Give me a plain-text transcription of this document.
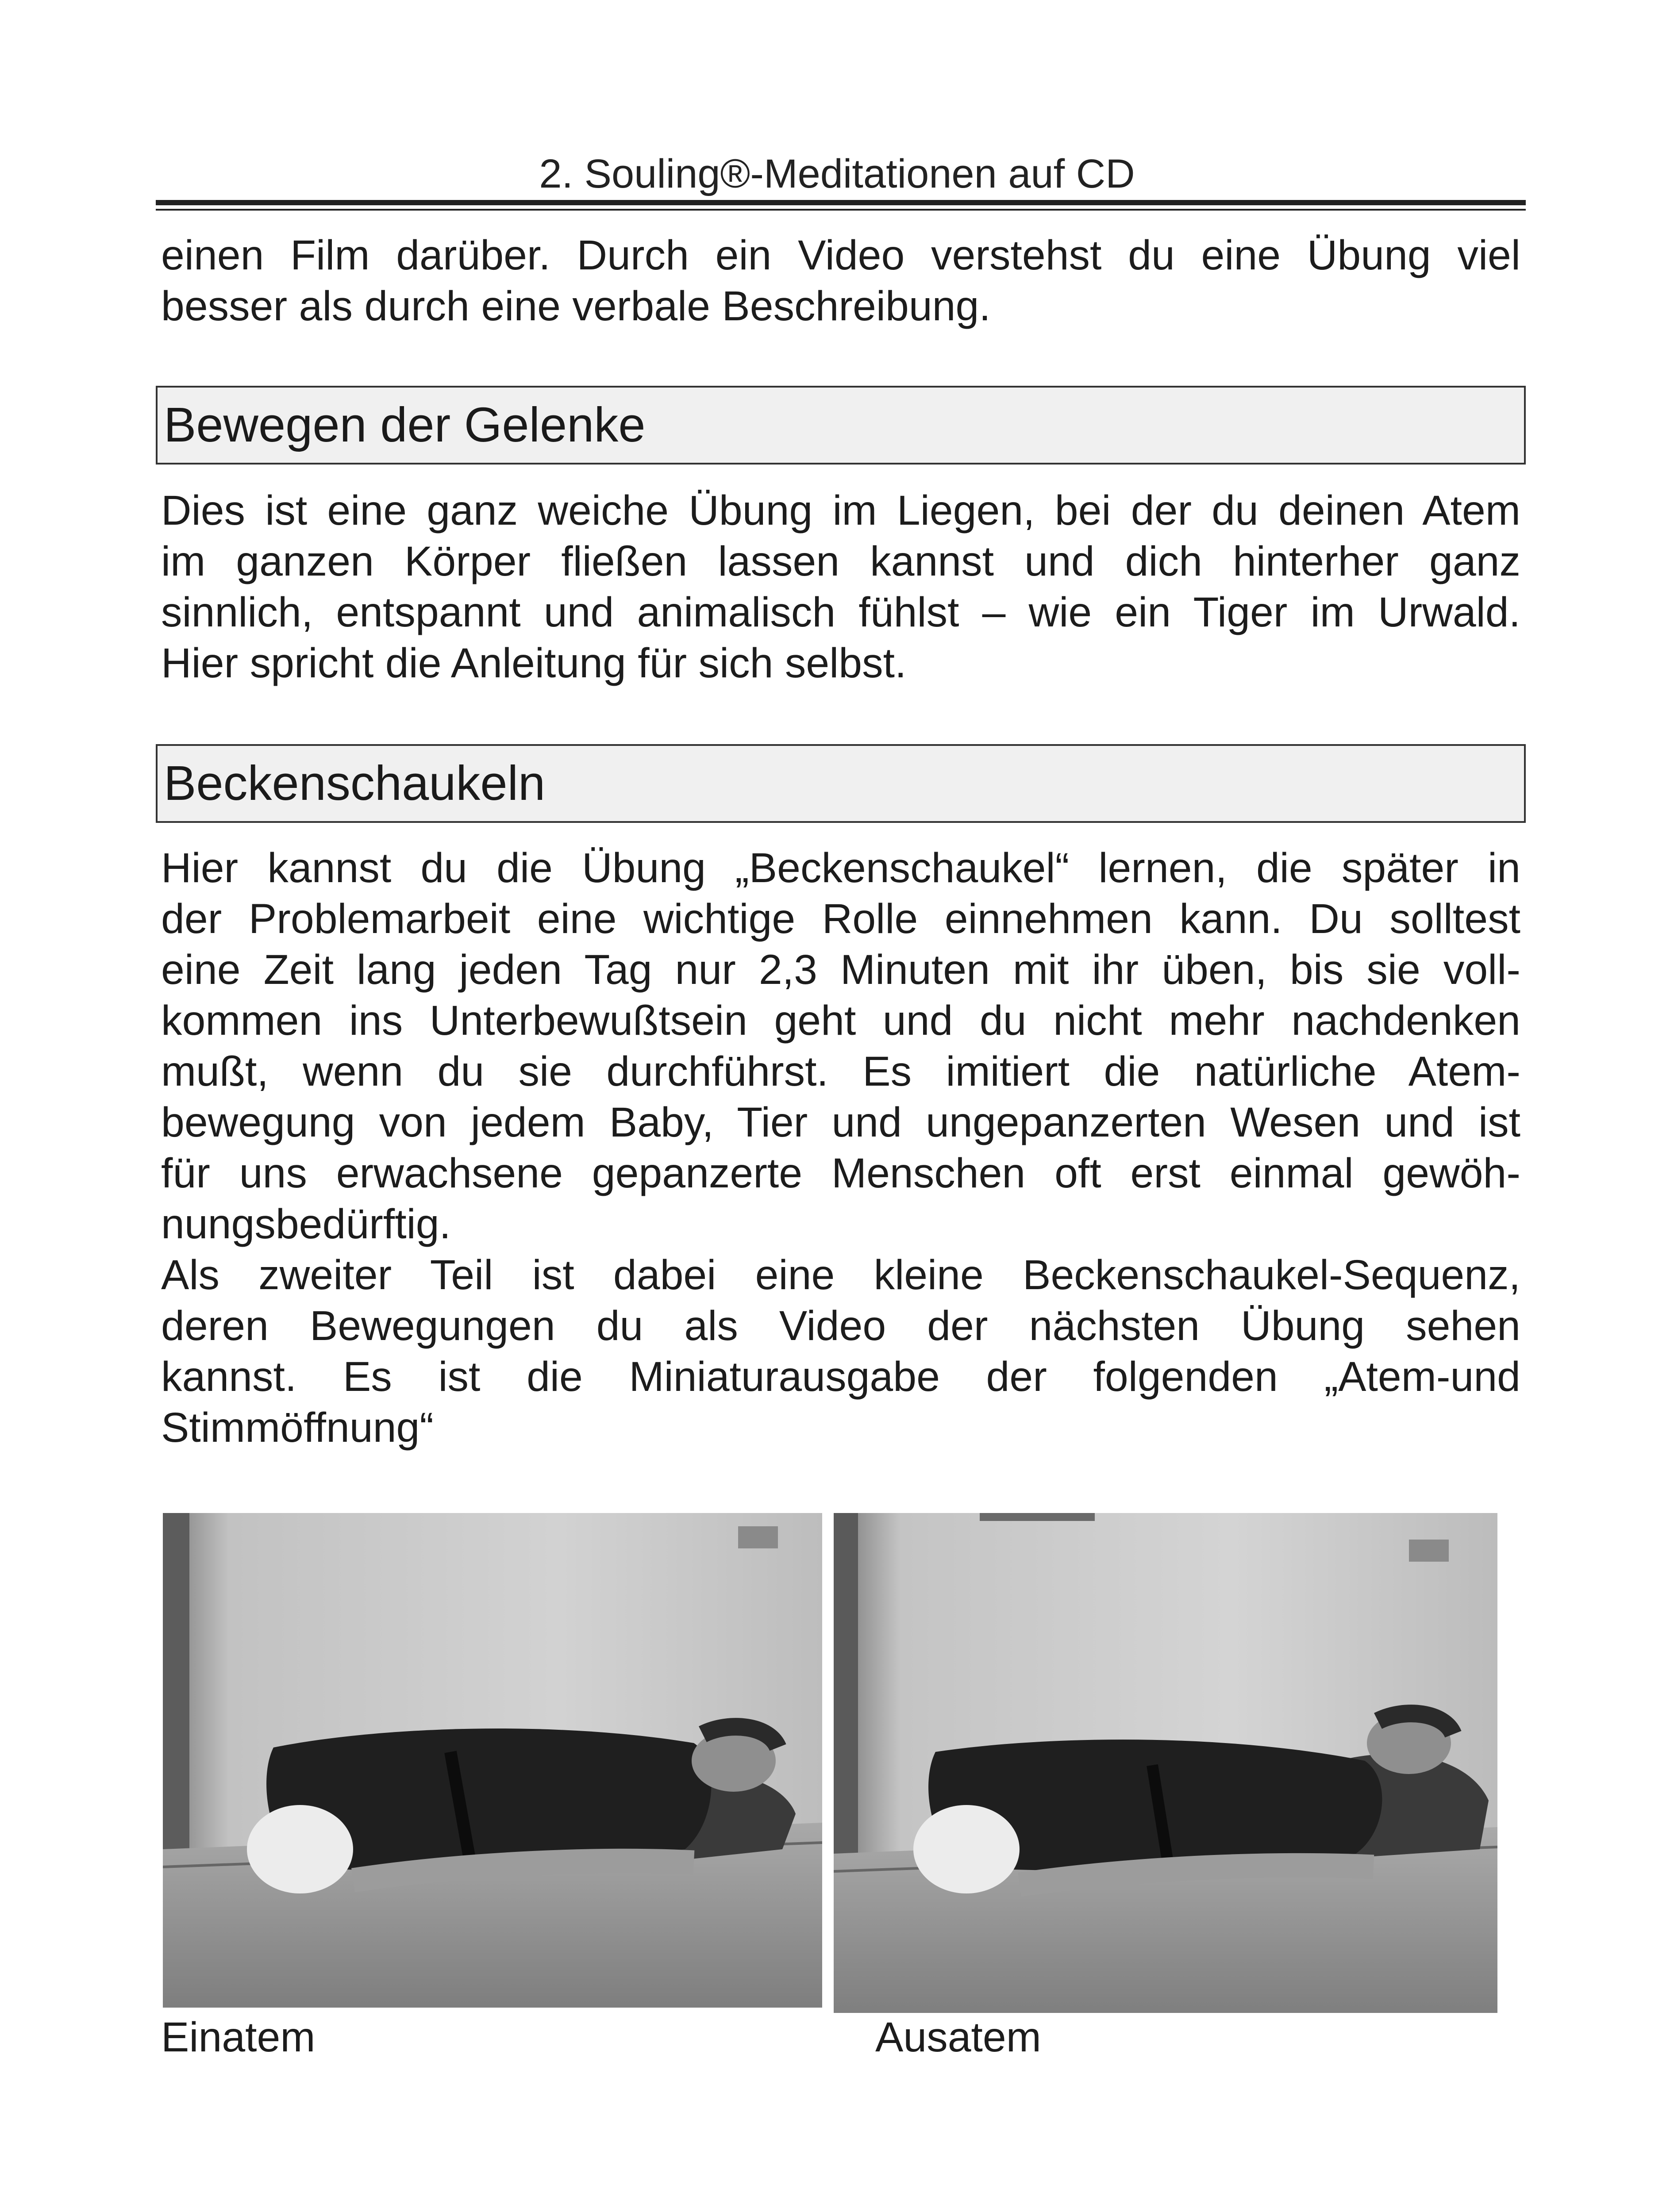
2. Souling®-Meditationen auf CD

einen Film darüber. Durch ein Video verstehst du eine Übung viel
besser als durch eine verbale Beschreibung.

Bewegen der Gelenke

Dies ist eine ganz weiche Übung im Liegen, bei der du deinen Atem
im ganzen Körper fließen lassen kannst und dich hinterher ganz
sinnlich, entspannt und animalisch fühlst – wie ein Tiger im Urwald.
Hier spricht die Anleitung für sich selbst.

Beckenschaukeln

Hier kannst du die Übung „Beckenschaukel“ lernen, die später in
der Problemarbeit eine wichtige Rolle einnehmen kann. Du solltest
eine Zeit lang jeden Tag nur 2,3 Minuten mit ihr üben, bis sie voll-
kommen ins Unterbewußtsein geht und du nicht mehr nachdenken
mußt, wenn du sie durchführst. Es imitiert die natürliche Atem-
bewegung von jedem Baby, Tier und ungepanzerten Wesen und ist
für uns erwachsene gepanzerte Menschen oft erst einmal gewöh-
nungsbedürftig.
Als zweiter Teil ist dabei eine kleine Beckenschaukel-Sequenz,
deren Bewegungen du als Video der nächsten Übung sehen
kannst. Es ist die Miniaturausgabe der folgenden „Atem-und
Stimmöffnung“

Einatem	Ausatem
